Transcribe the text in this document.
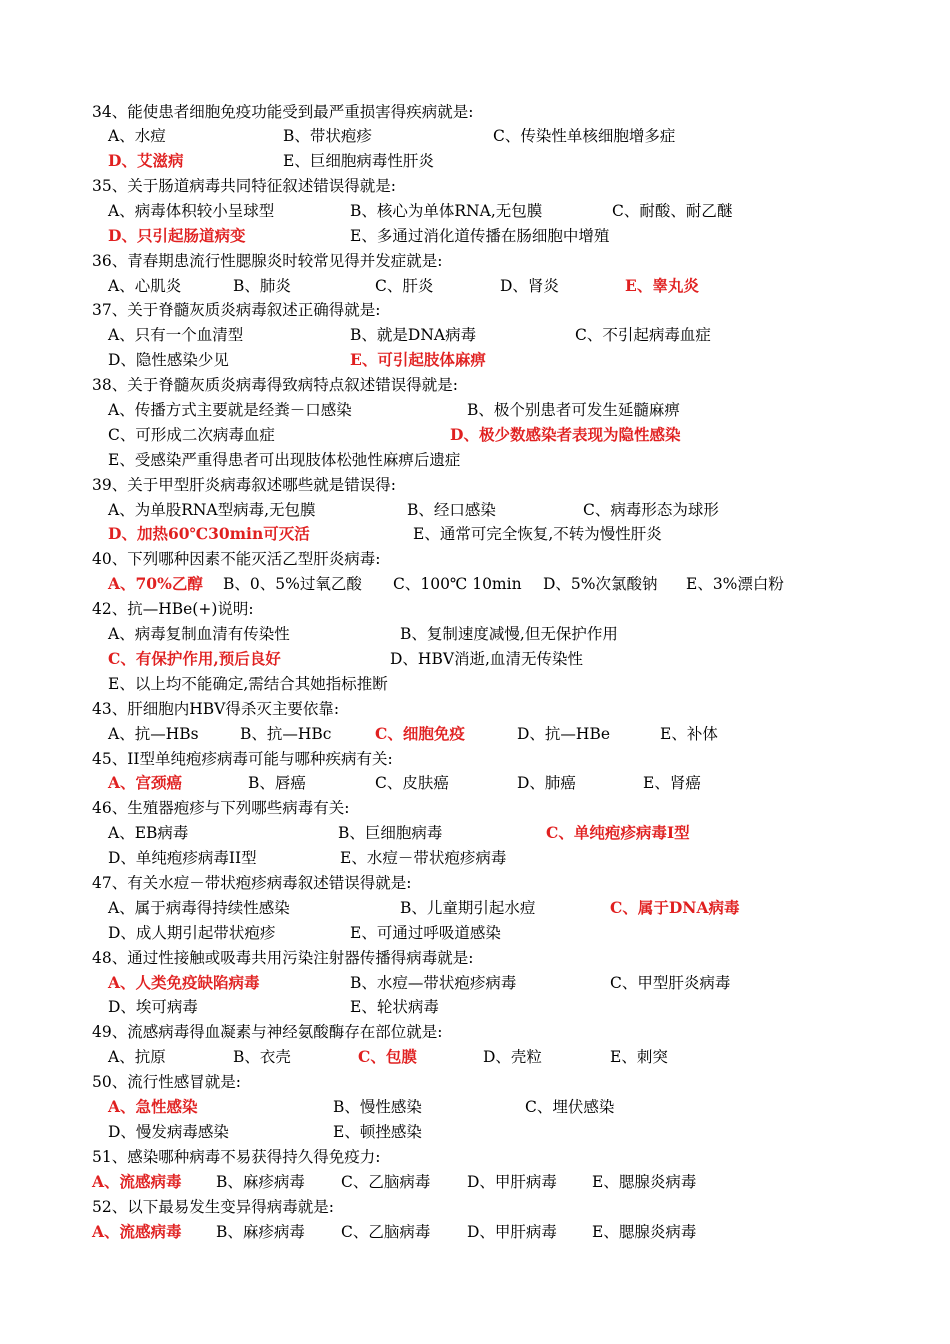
34、能使患者细胞免疫功能受到最严重损害得疾病就是:
A、水痘	B、带状疱疹	C、传染性单核细胞增多症
D、艾滋病	E、巨细胞病毒性肝炎
35、关于肠道病毒共同特征叙述错误得就是:
A、病毒体积较小呈球型	B、核心为单体RNA,无包膜	C、耐酸、耐乙醚
D、只引起肠道病变	E、多通过消化道传播在肠细胞中增殖
36、青春期患流行性腮腺炎时较常见得并发症就是:
A、心肌炎	B、肺炎	C、肝炎	D、肾炎	E、睾丸炎
37、关于脊髓灰质炎病毒叙述正确得就是:
A、只有一个血清型	B、就是DNA病毒	C、不引起病毒血症
D、隐性感染少见	E、可引起肢体麻痹
38、关于脊髓灰质炎病毒得致病特点叙述错误得就是:
A、传播方式主要就是经粪－口感染	B、极个别患者可发生延髓麻痹
C、可形成二次病毒血症	D、极少数感染者表现为隐性感染
E、受感染严重得患者可出现肢体松弛性麻痹后遗症
39、关于甲型肝炎病毒叙述哪些就是错误得:
A、为单股RNA型病毒,无包膜	B、经口感染	C、病毒形态为球形
D、加热60℃30min可灭活	E、通常可完全恢复,不转为慢性肝炎
40、下列哪种因素不能灭活乙型肝炎病毒:
A、70%乙醇 B、0、5%过氧乙酸 C、100℃ 10min D、5%次氯酸钠 E、3%漂白粉
42、抗—HBe(+)说明:
A、病毒复制血清有传染性	B、复制速度减慢,但无保护作用
C、有保护作用,预后良好	D、HBV消逝,血清无传染性
E、以上均不能确定,需结合其她指标推断
43、肝细胞内HBV得杀灭主要依靠:
A、抗—HBs	B、抗—HBc	C、细胞免疫	D、抗—HBe	E、补体
45、II型单纯疱疹病毒可能与哪种疾病有关:
A、宫颈癌	B、唇癌	C、皮肤癌	D、肺癌	E、肾癌
46、生殖器疱疹与下列哪些病毒有关:
A、EB病毒	B、巨细胞病毒	C、单纯疱疹病毒I型
D、单纯疱疹病毒II型	E、水痘－带状疱疹病毒
47、有关水痘－带状疱疹病毒叙述错误得就是:
A、属于病毒得持续性感染	B、儿童期引起水痘	C、属于DNA病毒
D、成人期引起带状疱疹	E、可通过呼吸道感染
48、通过性接触或吸毒共用污染注射器传播得病毒就是:
A、人类免疫缺陷病毒	B、水痘—带状疱疹病毒	C、甲型肝炎病毒
D、埃可病毒	E、轮状病毒
49、流感病毒得血凝素与神经氨酸酶存在部位就是:
A、抗原	B、衣壳	C、包膜	D、壳粒	E、刺突
50、流行性感冒就是:
A、急性感染	B、慢性感染	C、埋伏感染
D、慢发病毒感染	E、顿挫感染
51、感染哪种病毒不易获得持久得免疫力:
A、流感病毒 B、麻疹病毒 C、乙脑病毒 D、甲肝病毒 E、腮腺炎病毒
52、以下最易发生变异得病毒就是:
A、流感病毒 B、麻疹病毒 C、乙脑病毒 D、甲肝病毒 E、腮腺炎病毒
